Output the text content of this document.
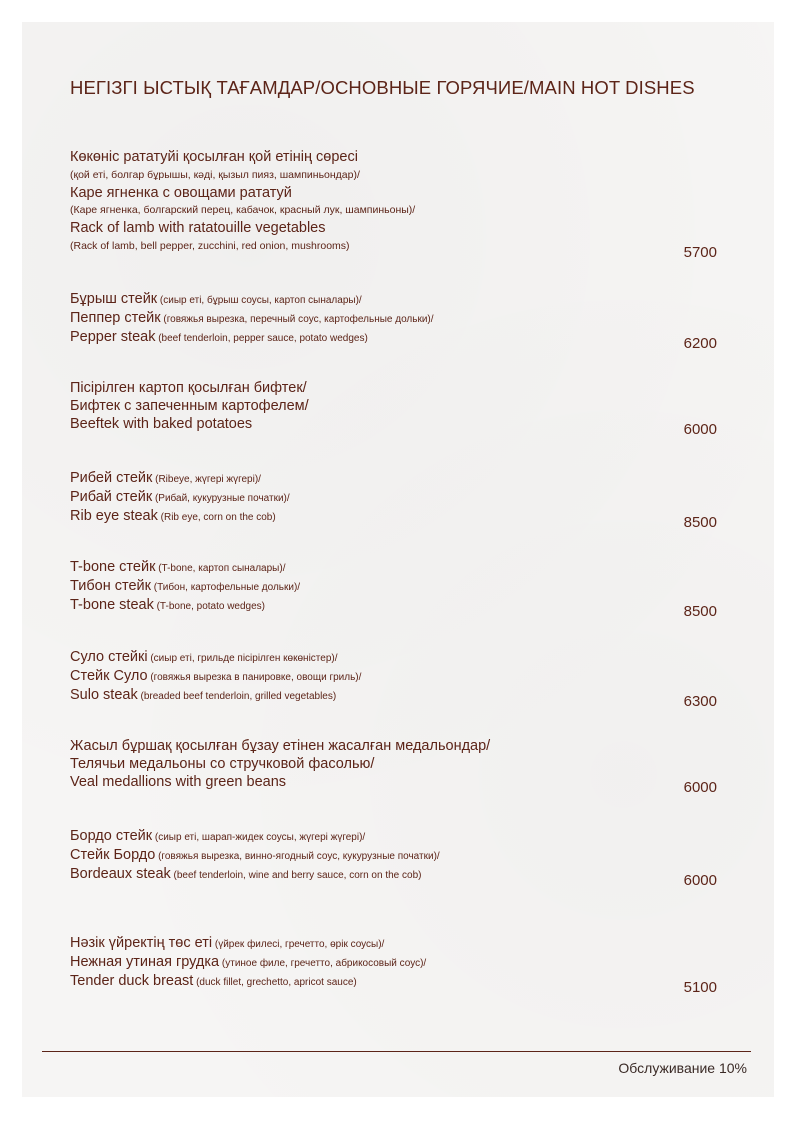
НЕГІЗГІ ЫСТЫҚ ТАҒАМДАР/ОСНОВНЫЕ ГОРЯЧИЕ/MAIN HOT DISHES
Көкөніс рататуйі қосылған қой етінің сөресі
(қой еті, болгар бұрышы, кәді, қызыл пияз, шампиньондар)/
Каре ягненка с овощами рататуй
(Каре ягненка, болгарский перец, кабачок, красный лук, шампиньоны)/
Rack of lamb with ratatouille vegetables
(Rack of lamb, bell pepper, zucchini, red onion, mushrooms)	5700
Бұрыш стейк (сиыр еті, бұрыш соусы, картоп сыналары)/
Пеппер стейк (говяжья вырезка, перечный соус, картофельные дольки)/
Pepper steak (beef tenderloin, pepper sauce, potato wedges)	6200
Пісірілген картоп қосылған бифтек/
Бифтек с запеченным картофелем/
Beeftek with baked potatoes	6000
Рибей стейк (Ribeye, жүгері жүгері)/
Рибай стейк (Рибай, кукурузные початки)/
Rib eye steak (Rib eye, corn on the cob)	8500
T-bone стейк (T-bone, картоп сыналары)/
Тибон стейк (Тибон, картофельные дольки)/
T-bone steak (T-bone, potato wedges)	8500
Суло стейкі (сиыр еті, грильде пісірілген көкөністер)/
Стейк Суло (говяжья вырезка в панировке, овощи гриль)/
Sulo steak (breaded beef tenderloin, grilled vegetables)	6300
Жасыл бұршақ қосылған бұзау етінен жасалған медальондар/
Телячьи медальоны со стручковой фасолью/
Veal medallions with green beans	6000
Бордо стейк (сиыр еті, шарап-жидек соусы, жүгері жүгері)/
Стейк Бордо (говяжья вырезка, винно-ягодный соус, кукурузные початки)/
Bordeaux steak (beef tenderloin, wine and berry sauce, corn on the cob)	6000
Нәзік үйректің төс еті (үйрек филесі, гречетто, өрік соусы)/
Нежная утиная грудка (утиное филе, гречетто, абрикосовый соус)/
Tender duck breast (duck fillet, grechetto, apricot sauce)	5100
Обслуживание 10%
